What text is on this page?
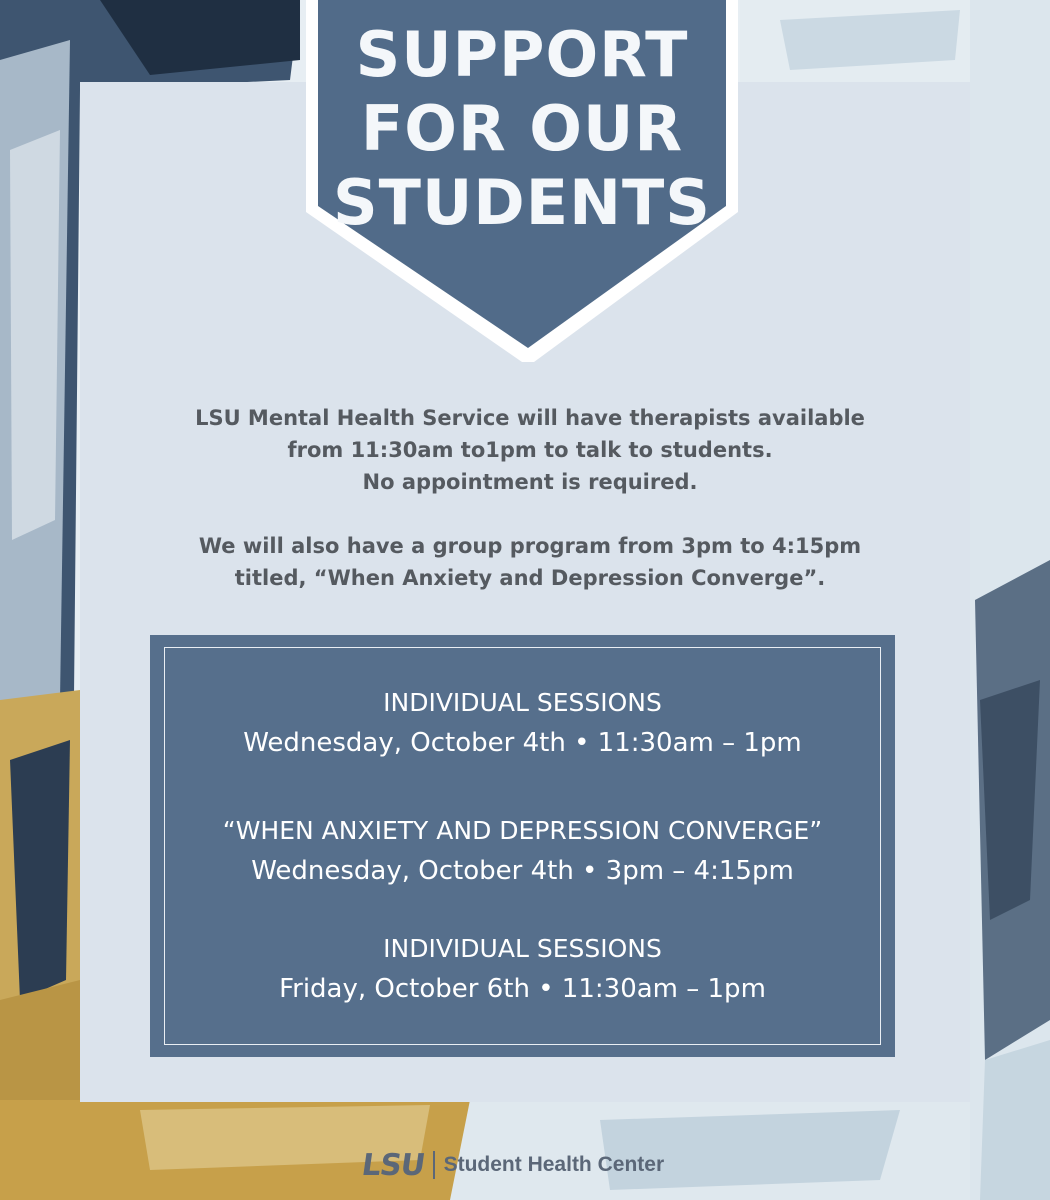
SUPPORT
FOR OUR
STUDENTS

LSU Mental Health Service will have therapists available

from 11:30am to1pm to talk to students.

No appointment is required.

We will also have a group program from 3pm to 4:15pm

titled, “When Anxiety and Depression Converge”.

INDIVIDUAL SESSIONS
Wednesday, October 4th • 11:30am – 1pm
“WHEN ANXIETY AND DEPRESSION CONVERGE”
Wednesday, October 4th • 3pm – 4:15pm
INDIVIDUAL SESSIONS
Friday, October 6th • 11:30am – 1pm
LSU Student Health Center
